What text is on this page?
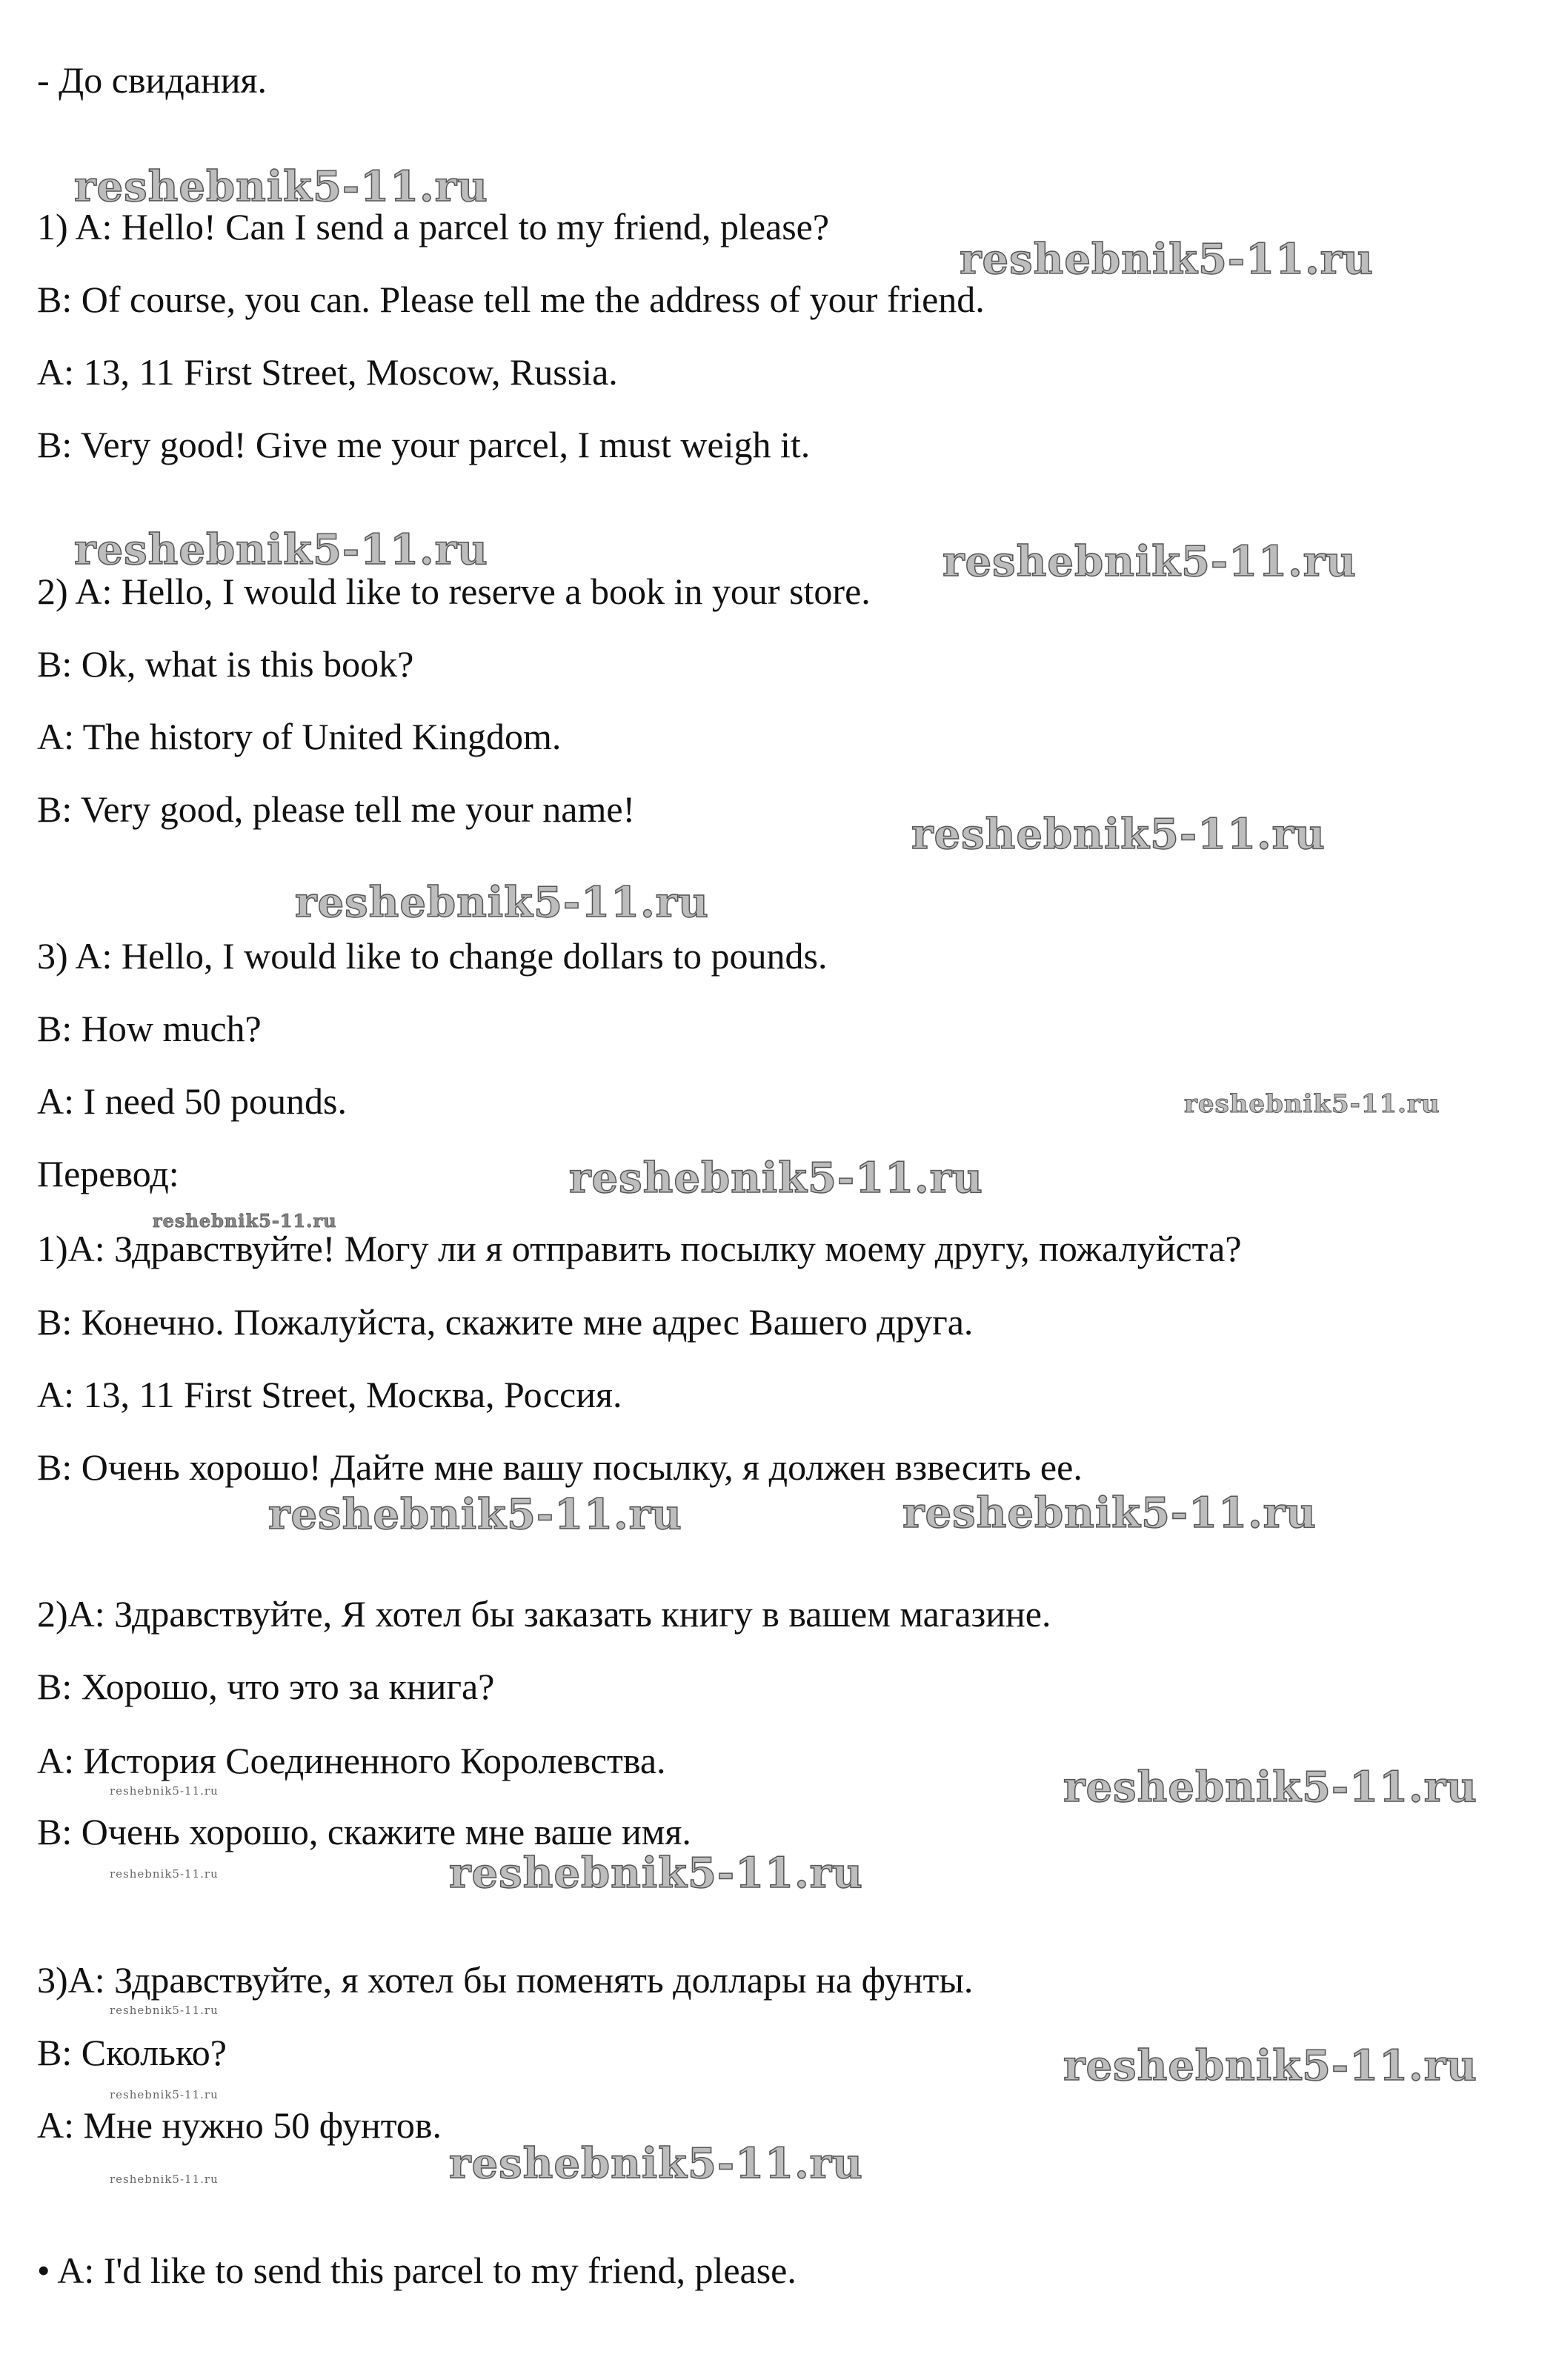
- До свидания.
1) A: Hello! Can I send a parcel to my friend, please?
B: Of course, you can. Please tell me the address of your friend.
A: 13, 11 First Street, Moscow, Russia.
B: Very good! Give me your parcel, I must weigh it.
2) A: Hello, I would like to reserve a book in your store.
B: Ok, what is this book?
A: The history of United Kingdom.
B: Very good, please tell me your name!
3) A: Hello, I would like to change dollars to pounds.
B: How much?
A: I need 50 pounds.
Перевод:
1)A: Здравствуйте! Могу ли я отправить посылку моему другу, пожалуйста?
B: Конечно. Пожалуйста, скажите мне адрес Вашего друга.
A: 13, 11 First Street, Москва, Россия.
B: Очень хорошо! Дайте мне вашу посылку, я должен взвесить ее.
2)A: Здравствуйте, Я хотел бы заказать книгу в вашем магазине.
B: Хорошо, что это за книга?
A: История Соединенного Королевства.
B: Очень хорошо, скажите мне ваше имя.
3)A: Здравствуйте, я хотел бы поменять доллары на фунты.
B: Сколько?
A: Мне нужно 50 фунтов.
• A: I'd like to send this parcel to my friend, please.
reshebnik5-11.ru
reshebnik5-11.ru
reshebnik5-11.ru	reshebnik5-11.ru
reshebnik5-11.ru
reshebnik5-11.ru
reshebnik5-11.ru
reshebnik5-11.ru
reshebnik5-11.ru
reshebnik5-11.ru	reshebnik5-11.ru
reshebnik5-11.ru
reshebnik5-11.ru
reshebnik5-11.ru	reshebnik5-11.ru
reshebnik5-11.ru
reshebnik5-11.ru
reshebnik5-11.ru
reshebnik5-11.ru	reshebnik5-11.ru
